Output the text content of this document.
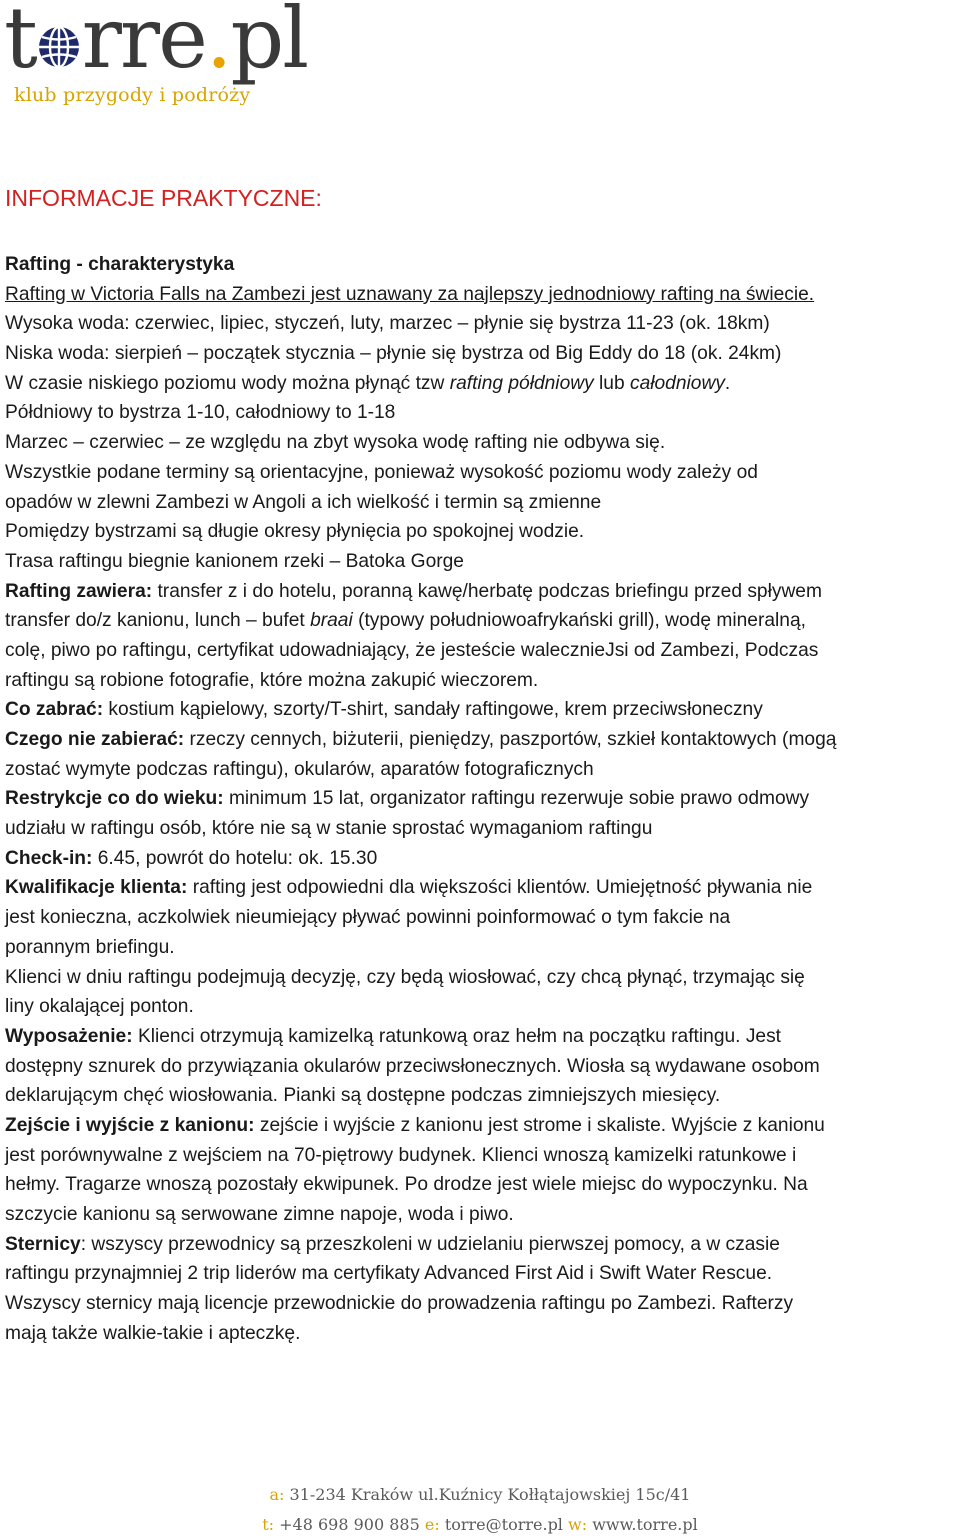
t rre.pl
klub przygody i podróży
INFORMACJE PRAKTYCZNE:
Rafting - charakterystyka
Rafting w Victoria Falls na Zambezi jest uznawany za najlepszy jednodniowy rafting na świecie.
Wysoka woda: czerwiec, lipiec, styczeń, luty, marzec – płynie się bystrza 11-23 (ok. 18km)
Niska woda: sierpień – początek stycznia – płynie się bystrza od Big Eddy do 18 (ok. 24km)
W czasie niskiego poziomu wody można płynąć tzw rafting półdniowy lub całodniowy.
Półdniowy to bystrza 1-10, całodniowy to 1-18
Marzec – czerwiec – ze względu na zbyt wysoka wodę rafting nie odbywa się.
Wszystkie podane terminy są orientacyjne, ponieważ wysokość poziomu wody zależy od
opadów w zlewni Zambezi w Angoli a ich wielkość i termin są zmienne
Pomiędzy bystrzami są długie okresy płynięcia po spokojnej wodzie.
Trasa raftingu biegnie kanionem rzeki – Batoka Gorge
Rafting zawiera: transfer z i do hotelu, poranną kawę/herbatę podczas briefingu przed spływem
transfer do/z kanionu, lunch – bufet braai (typowy południowoafrykański grill), wodę mineralną,
colę, piwo po raftingu, certyfikat udowadniający, że jesteście walecznieJsi od Zambezi, Podczas
raftingu są robione fotografie, które można zakupić wieczorem.
Co zabrać: kostium kąpielowy, szorty/T-shirt, sandały raftingowe, krem przeciwsłoneczny
Czego nie zabierać: rzeczy cennych, biżuterii, pieniędzy, paszportów, szkieł kontaktowych (mogą
zostać wymyte podczas raftingu), okularów, aparatów fotograficznych
Restrykcje co do wieku: minimum 15 lat, organizator raftingu rezerwuje sobie prawo odmowy
udziału w raftingu osób, które nie są w stanie sprostać wymaganiom raftingu
Check-in: 6.45, powrót do hotelu: ok. 15.30
Kwalifikacje klienta: rafting jest odpowiedni dla większości klientów. Umiejętność pływania nie
jest konieczna, aczkolwiek nieumiejący pływać powinni poinformować o tym fakcie na
porannym briefingu.
Klienci w dniu raftingu podejmują decyzję, czy będą wiosłować, czy chcą płynąć, trzymając się
liny okalającej ponton.
Wyposażenie: Klienci otrzymują kamizelką ratunkową oraz hełm na początku raftingu. Jest
dostępny sznurek do przywiązania okularów przeciwsłonecznych. Wiosła są wydawane osobom
deklarującym chęć wiosłowania. Pianki są dostępne podczas zimniejszych miesięcy.
Zejście i wyjście z kanionu: zejście i wyjście z kanionu jest strome i skaliste. Wyjście z kanionu
jest porównywalne z wejściem na 70-piętrowy budynek. Klienci wnoszą kamizelki ratunkowe i
hełmy. Tragarze wnoszą pozostały ekwipunek. Po drodze jest wiele miejsc do wypoczynku. Na
szczycie kanionu są serwowane zimne napoje, woda i piwo.
Sternicy: wszyscy przewodnicy są przeszkoleni w udzielaniu pierwszej pomocy, a w czasie
raftingu przynajmniej 2 trip liderów ma certyfikaty Advanced First Aid i Swift Water Rescue.
Wszyscy sternicy mają licencje przewodnickie do prowadzenia raftingu po Zambezi. Rafterzy
mają także walkie-takie i apteczkę.
a: 31-234 Kraków ul.Kuźnicy Kołłątajowskiej 15c/41
t: +48 698 900 885 e: torre@torre.pl w: www.torre.pl
